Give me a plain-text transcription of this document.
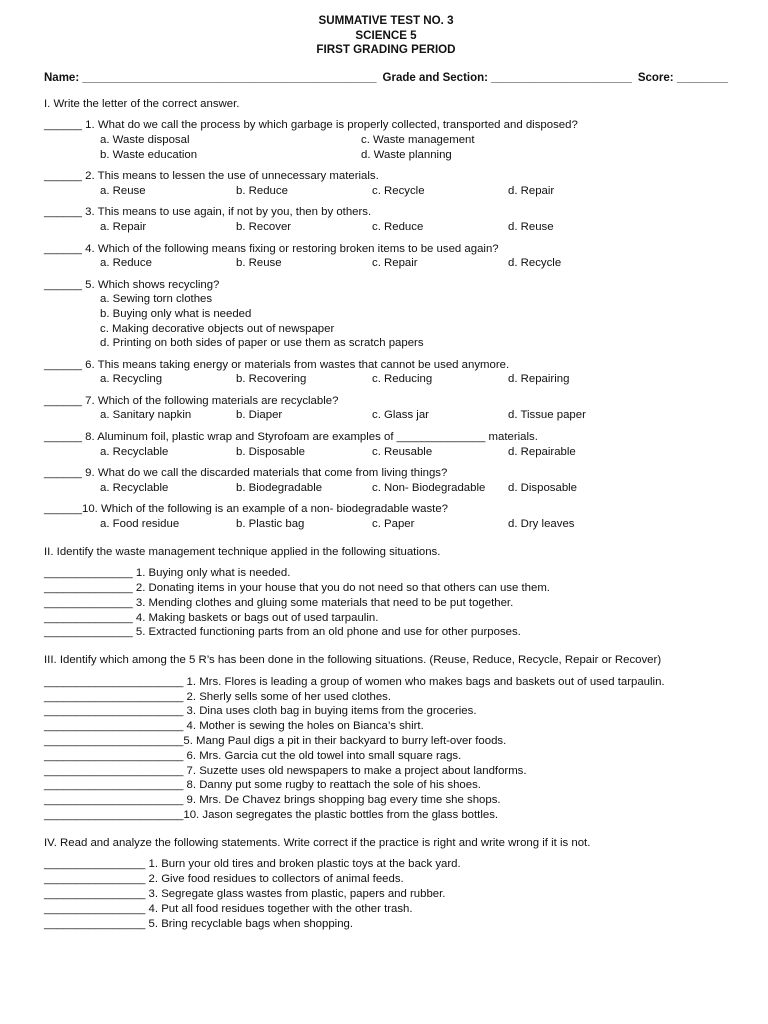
SUMMATIVE TEST NO. 3
SCIENCE 5
FIRST GRADING PERIOD
Name: ______________________________________________ Grade and Section: ______________________ Score: ________
I. Write the letter of the correct answer.
______ 1. What do we call the process by which garbage is properly collected, transported and disposed?
a. Waste disposal	c. Waste management
b. Waste education	d. Waste planning
______ 2. This means to lessen the use of unnecessary materials.
a. Reuse	b. Reduce	c. Recycle	d. Repair
______ 3. This means to use again, if not by you, then by others.
a. Repair	b. Recover	c. Reduce	d. Reuse
______ 4. Which of the following means fixing or restoring broken items to be used again?
a. Reduce	b. Reuse	c. Repair	d. Recycle
______ 5. Which shows recycling?
a. Sewing torn clothes
b. Buying only what is needed
c. Making decorative objects out of newspaper
d. Printing on both sides of paper or use them as scratch papers
______ 6. This means taking energy or materials from wastes that cannot be used anymore.
a. Recycling	b. Recovering	c. Reducing	d. Repairing
______ 7. Which of the following materials are recyclable?
a. Sanitary napkin	b. Diaper	c. Glass jar	d. Tissue paper
______ 8. Aluminum foil, plastic wrap and Styrofoam are examples of ______________ materials.
a. Recyclable	b. Disposable	c. Reusable	d. Repairable
______ 9. What do we call the discarded materials that come from living things?
a. Recyclable	b. Biodegradable	c. Non- Biodegradable	d. Disposable
______10. Which of the following is an example of a non- biodegradable waste?
a. Food residue	b. Plastic bag	c. Paper	d. Dry leaves
II. Identify the waste management technique applied in the following situations.
______________ 1. Buying only what is needed.
______________ 2. Donating items in your house that you do not need so that others can use them.
______________ 3. Mending clothes and gluing some materials that need to be put together.
______________ 4. Making baskets or bags out of used tarpaulin.
______________ 5. Extracted functioning parts from an old phone and use for other purposes.
III. Identify which among the 5 R’s has been done in the following situations. (Reuse, Reduce, Recycle, Repair or Recover)
______________________ 1. Mrs. Flores is leading a group of women who makes bags and baskets out of used tarpaulin.
______________________ 2. Sherly sells some of her used clothes.
______________________ 3. Dina uses cloth bag in buying items from the groceries.
______________________ 4. Mother is sewing the holes on Bianca’s shirt.
______________________5. Mang Paul digs a pit in their backyard to burry left-over foods.
______________________ 6. Mrs. Garcia cut the old towel into small square rags.
______________________ 7. Suzette uses old newspapers to make a project about landforms.
______________________ 8. Danny put some rugby to reattach the sole of his shoes.
______________________ 9. Mrs. De Chavez brings shopping bag every time she shops.
______________________10. Jason segregates the plastic bottles from the glass bottles.
IV. Read and analyze the following statements. Write correct if the practice is right and write wrong if it is not.
________________ 1. Burn your old tires and broken plastic toys at the back yard.
________________ 2. Give food residues to collectors of animal feeds.
________________ 3. Segregate glass wastes from plastic, papers and rubber.
________________ 4. Put all food residues together with the other trash.
________________ 5. Bring recyclable bags when shopping.
